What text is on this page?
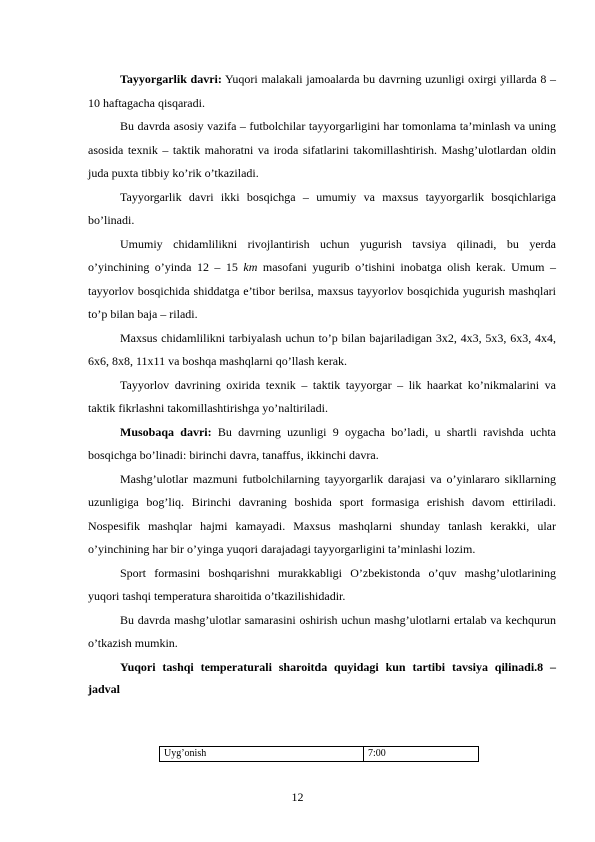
Tayyorgarlik davri: Yuqori malakali jamoalarda bu davrning uzunligi oxirgi yillarda 8 – 10 haftagacha qisqaradi.

Bu davrda asosiy vazifa – futbolchilar tayyorgarligini har tomonlama ta’minlash va uning asosida texnik – taktik mahoratni va iroda sifatlarini takomillashtirish. Mashg’ulotlardan oldin juda puxta tibbiy ko’rik o’tkaziladi.

Tayyorgarlik davri ikki bosqichga – umumiy va maxsus tayyorgarlik bosqichlariga bo’linadi.

Umumiy chidamlilikni rivojlantirish uchun yugurish tavsiya qilinadi, bu yerda o’yinchining o’yinda 12 – 15 km masofani yugurib o’tishini inobatga olish kerak. Umum – tayyorlov bosqichida shiddatga e’tibor berilsa, maxsus tayyorlov bosqichida yugurish mashqlari to’p bilan baja – riladi.

Maxsus chidamlilikni tarbiyalash uchun to’p bilan bajariladigan 3x2, 4x3, 5x3, 6x3, 4x4, 6x6, 8x8, 11x11 va boshqa mashqlarni qo’llash kerak.

Tayyorlov davrining oxirida texnik – taktik tayyorgar – lik haarkat ko’nikmalarini va taktik fikrlashni takomillashtirishga yo’naltiriladi.

Musobaqa davri: Bu davrning uzunligi 9 oygacha bo’ladi, u shartli ravishda uchta bosqichga bo’linadi: birinchi davra, tanaffus, ikkinchi davra.

Mashg’ulotlar mazmuni futbolchilarning tayyorgarlik darajasi va o’yinlararo sikllarning uzunligiga bog’liq. Birinchi davraning boshida sport formasiga erishish davom ettiriladi. Nospesifik mashqlar hajmi kamayadi. Maxsus mashqlarni shunday tanlash kerakki, ular o’yinchining har bir o’yinga yuqori darajadagi tayyorgarligini ta’minlashi lozim.

Sport formasini boshqarishni murakkabligi O’zbekistonda o’quv mashg’ulotlarining yuqori tashqi temperatura sharoitida o’tkazilishidadir.

Bu davrda mashg’ulotlar samarasini oshirish uchun mashg’ulotlarni ertalab va kechqurun o’tkazish mumkin.

Yuqori tashqi temperaturali sharoitda quyidagi kun tartibi tavsiya qilinadi.8 – jadval

Uyg’onish	7:00
12
